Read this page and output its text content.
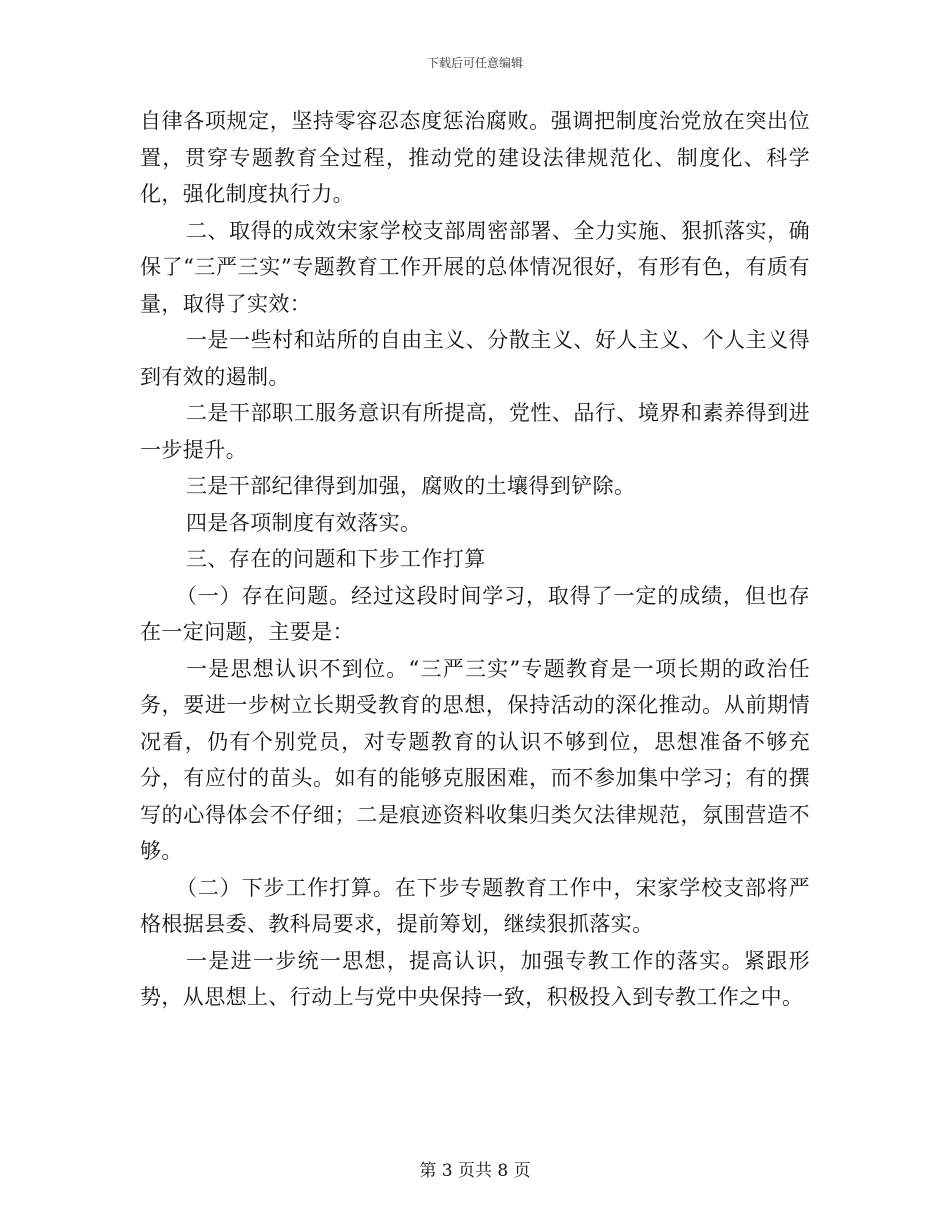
下载后可任意编辑

自律各项规定，坚持零容忍态度惩治腐败。强调把制度治党放在突出位置，贯穿专题教育全过程，推动党的建设法律规范化、制度化、科学化，强化制度执行力。

二、取得的成效宋家学校支部周密部署、全力实施、狠抓落实，确保了“三严三实”专题教育工作开展的总体情况很好，有形有色，有质有量，取得了实效：

一是一些村和站所的自由主义、分散主义、好人主义、个人主义得到有效的遏制。

二是干部职工服务意识有所提高，党性、品行、境界和素养得到进一步提升。

三是干部纪律得到加强，腐败的土壤得到铲除。

四是各项制度有效落实。

三、存在的问题和下步工作打算

（一）存在问题。经过这段时间学习，取得了一定的成绩，但也存在一定问题，主要是：

一是思想认识不到位。“三严三实”专题教育是一项长期的政治任务，要进一步树立长期受教育的思想，保持活动的深化推动。从前期情况看，仍有个别党员，对专题教育的认识不够到位，思想准备不够充分，有应付的苗头。如有的能够克服困难，而不参加集中学习；有的撰写的心得体会不仔细；二是痕迹资料收集归类欠法律规范，氛围营造不够。

（二）下步工作打算。在下步专题教育工作中，宋家学校支部将严格根据县委、教科局要求，提前筹划，继续狠抓落实。

一是进一步统一思想，提高认识，加强专教工作的落实。紧跟形势，从思想上、行动上与党中央保持一致，积极投入到专教工作之中。

第 3 页共 8 页
